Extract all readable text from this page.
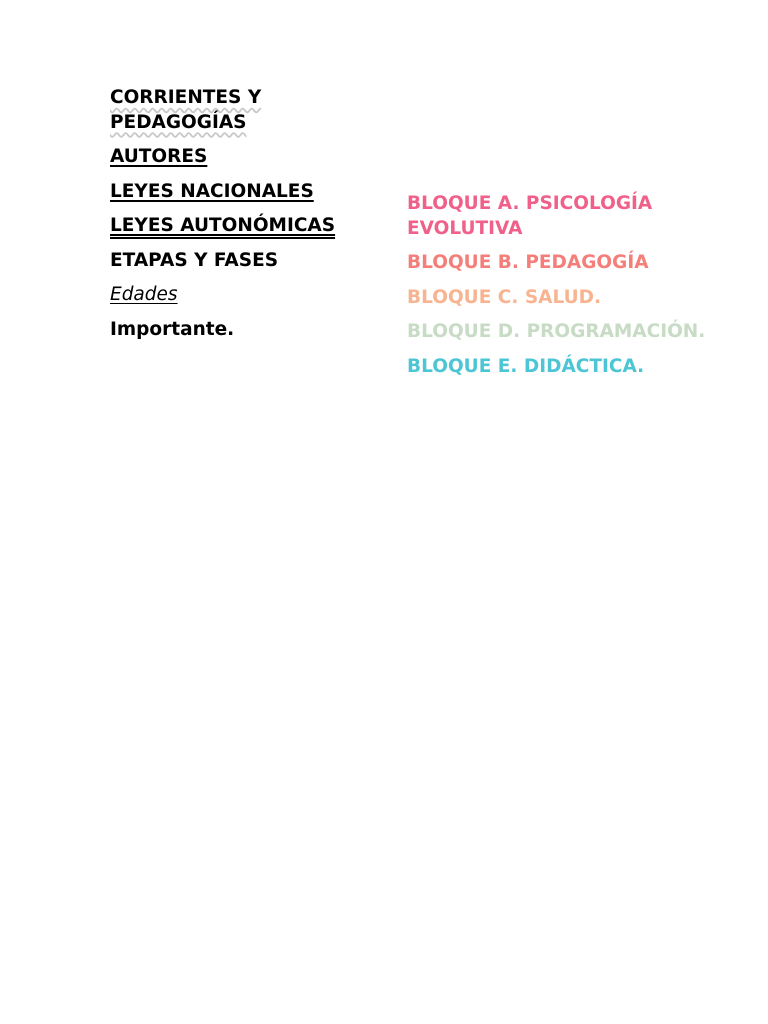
CORRIENTES Y PEDAGOGÍAS
AUTORES
LEYES NACIONALES
LEYES AUTONÓMICAS
ETAPAS Y FASES
Edades
Importante.
BLOQUE A. PSICOLOGÍA EVOLUTIVA
BLOQUE B. PEDAGOGÍA
BLOQUE C. SALUD.
BLOQUE D. PROGRAMACIÓN.
BLOQUE E. DIDÁCTICA.
